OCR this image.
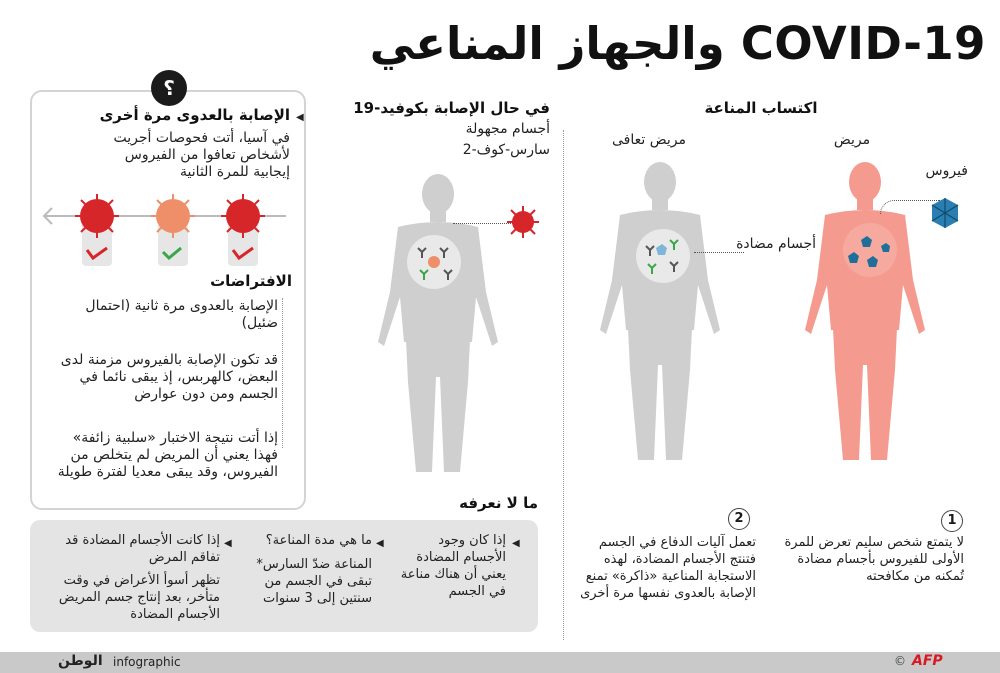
COVID-19 والجهاز المناعي
اكتساب المناعة
في حال الإصابة بكوفيد-19
أجسام مجهولة
سارس-كوف-2
مريض
مريض تعافى
فيروس
أجسام مضادة
1
لا يتمتع شخص سليم تعرض للمرة الأولى للفيروس بأجسام مضادة تُمكنه من مكافحته
2
تعمل آليات الدفاع في الجسم فتنتج الأجسام المضادة، لهذه الاستجابة المناعية «ذاكرة» تمنع الإصابة بالعدوى نفسها مرة أخرى
؟
◀
الإصابة بالعدوى مرة أخرى
في آسيا، أتت فحوصات أجريت لأشخاص تعافوا من الفيروس إيجابية للمرة الثانية
الافتراضات
الإصابة بالعدوى مرة ثانية (احتمال ضئيل)
قد تكون الإصابة بالفيروس مزمنة لدى البعض، كالهربس، إذ يبقى نائما في الجسم ومن دون عوارض
إذا أتت نتيجة الاختبار «سلبية زائفة» فهذا يعني أن المريض لم يتخلص من الفيروس، وقد يبقى معديا لفترة طويلة
ما لا نعرفه
◀
إذا كان وجود الأجسام المضادة يعني أن هناك مناعة في الجسم
◀
ما هي مدة المناعة؟
المناعة ضدّ السارس* تبقى في الجسم من سنتين إلى 3 سنوات
◀
إذا كانت الأجسام المضادة قد تفاقم المرض
تظهر أسوأ الأعراض في وقت متأخر، بعد إنتاج جسم المريض الأجسام المضادة
الوطن infographic	© AFP
